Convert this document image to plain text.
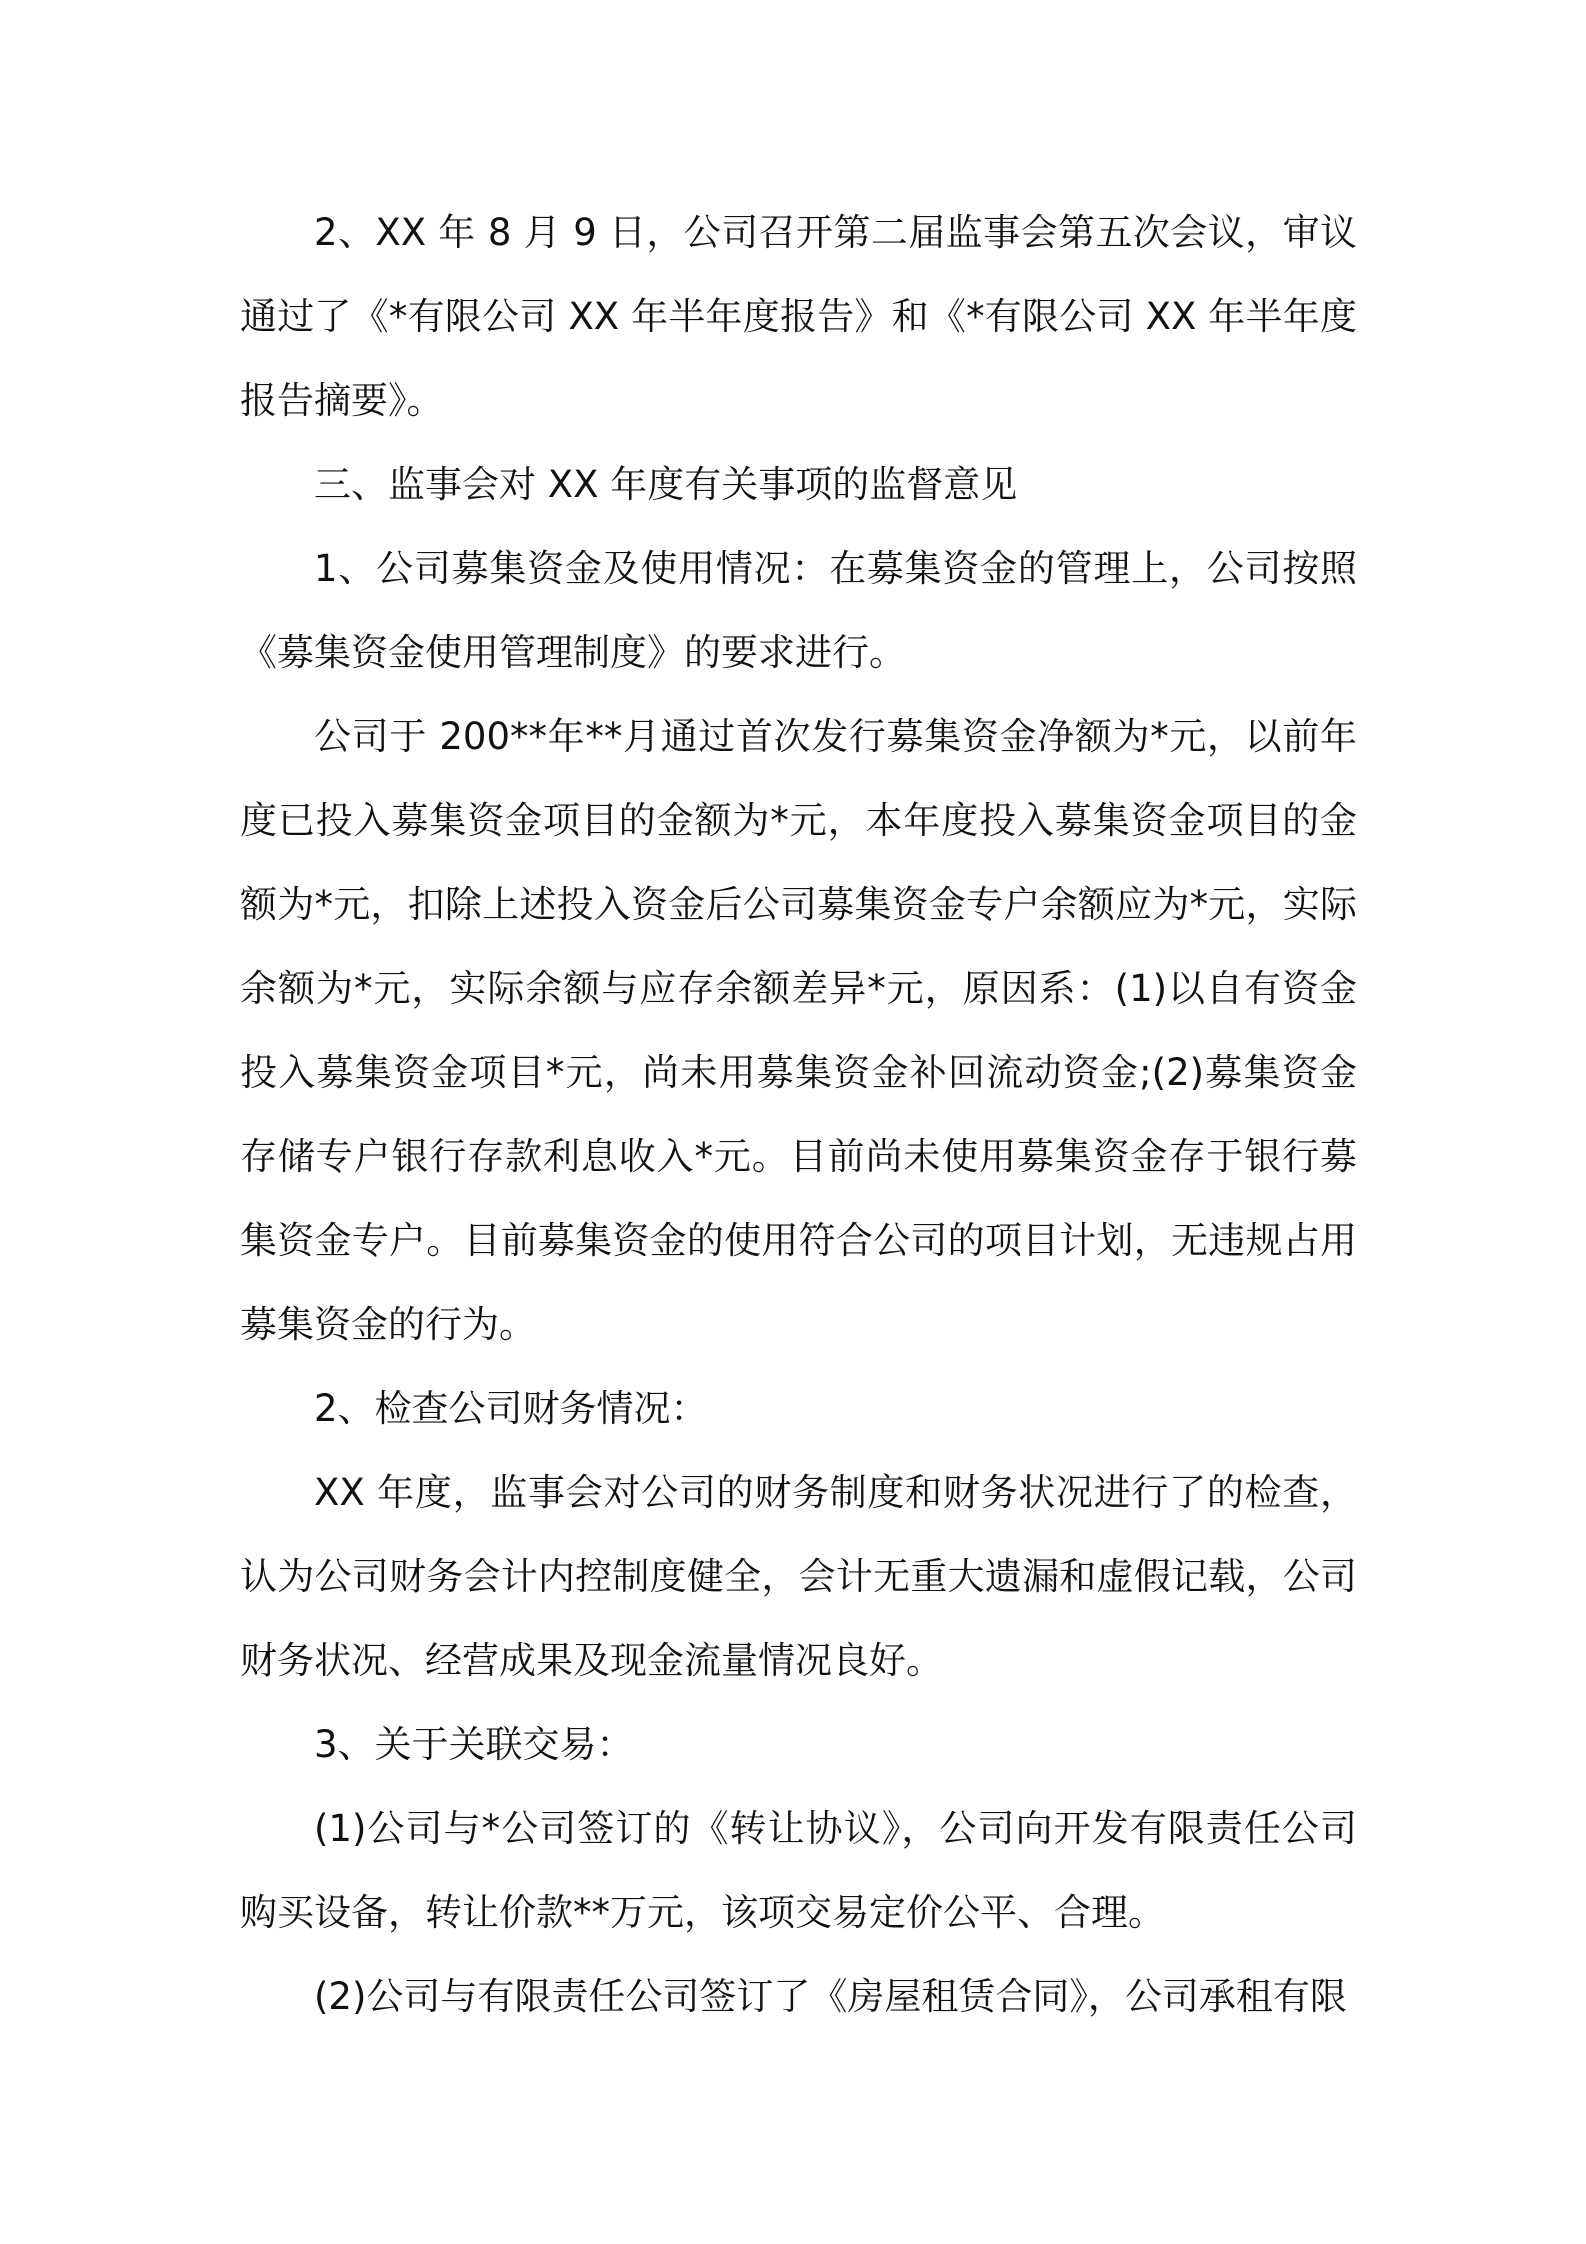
2、XX 年 8 月 9 日，公司召开第二届监事会第五次会议，审议通过了《*有限公司 XX 年半年度报告》和《*有限公司 XX 年半年度报告摘要》。

三、监事会对 XX 年度有关事项的监督意见

1、公司募集资金及使用情况：在募集资金的管理上，公司按照《募集资金使用管理制度》的要求进行。

公司于 200**年**月通过首次发行募集资金净额为*元，以前年度已投入募集资金项目的金额为*元，本年度投入募集资金项目的金额为*元，扣除上述投入资金后公司募集资金专户余额应为*元，实际余额为*元，实际余额与应存余额差异*元，原因系：(1)以自有资金投入募集资金项目*元，尚未用募集资金补回流动资金;(2)募集资金存储专户银行存款利息收入*元。目前尚未使用募集资金存于银行募集资金专户。目前募集资金的使用符合公司的项目计划，无违规占用募集资金的行为。

2、检查公司财务情况：

XX 年度，监事会对公司的财务制度和财务状况进行了的检查，认为公司财务会计内控制度健全，会计无重大遗漏和虚假记载，公司财务状况、经营成果及现金流量情况良好。

3、关于关联交易：

(1)公司与*公司签订的《转让协议》，公司向开发有限责任公司购买设备，转让价款**万元，该项交易定价公平、合理。

(2)公司与有限责任公司签订了《房屋租赁合同》，公司承租有限
